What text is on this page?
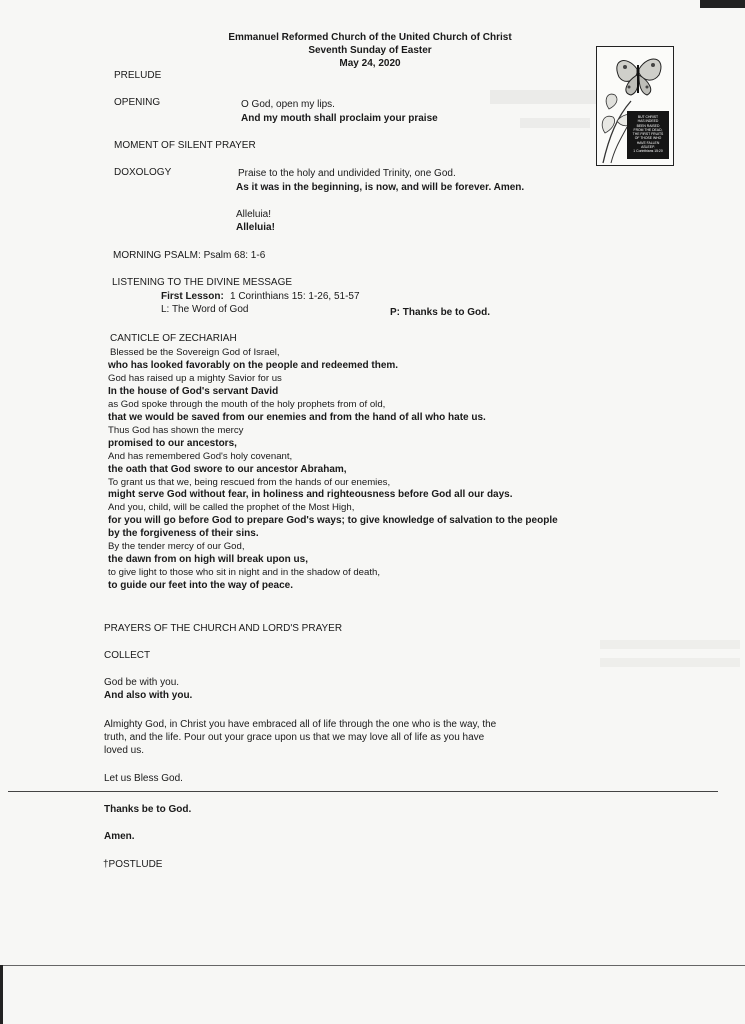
Emmanuel Reformed Church of the United Church of Christ
Seventh Sunday of Easter
May 24, 2020
BUT CHRIST
HAS INDEED
BEEN RAISED
FROM THE DEAD,
THE FIRST FRUITS
OF THOSE WHO
HAVE FALLEN
ASLEEP.
1 Corinthians 15:20
PRELUDE
OPENING	O God, open my lips.
And my mouth shall proclaim your praise
MOMENT OF SILENT PRAYER
DOXOLOGY	Praise to the holy and undivided Trinity, one God.
As it was in the beginning, is now, and will be forever. Amen.
Alleluia!
Alleluia!
MORNING PSALM: Psalm 68: 1-6
LISTENING TO THE DIVINE MESSAGE
First Lesson: 1 Corinthians 15: 1-26, 51-57
L: The Word of God	P: Thanks be to God.
CANTICLE OF ZECHARIAH
Blessed be the Sovereign God of Israel,
who has looked favorably on the people and redeemed them.
God has raised up a mighty Savior for us
In the house of God's servant David
as God spoke through the mouth of the holy prophets from of old,
that we would be saved from our enemies and from the hand of all who hate us.
Thus God has shown the mercy
promised to our ancestors,
And has remembered God's holy covenant,
the oath that God swore to our ancestor Abraham,
To grant us that we, being rescued from the hands of our enemies,
might serve God without fear, in holiness and righteousness before God all our days.
And you, child, will be called the prophet of the Most High,
for you will go before God to prepare God's ways; to give knowledge of salvation to the people
by the forgiveness of their sins.
By the tender mercy of our God,
the dawn from on high will break upon us,
to give light to those who sit in night and in the shadow of death,
to guide our feet into the way of peace.
PRAYERS OF THE CHURCH AND LORD'S PRAYER
COLLECT
God be with you.
And also with you.
Almighty God, in Christ you have embraced all of life through the one who is the way, the
truth, and the life. Pour out your grace upon us that we may love all of life as you have
loved us.
Let us Bless God.
Thanks be to God.
Amen.
†POSTLUDE
